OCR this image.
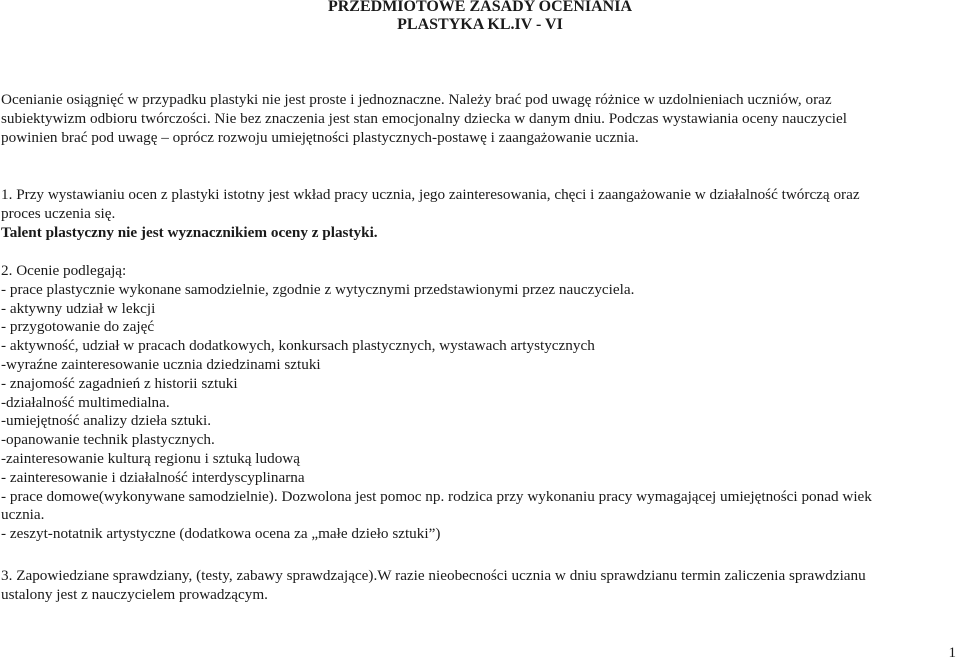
PRZEDMIOTOWE ZASADY OCENIANIA
PLASTYKA KL.IV - VI

Ocenianie osiągnięć w przypadku plastyki nie jest proste i jednoznaczne. Należy brać pod uwagę różnice w uzdolnieniach uczniów, oraz
subiektywizm odbioru twórczości. Nie bez znaczenia jest stan emocjonalny dziecka w danym dniu. Podczas wystawiania oceny nauczyciel
powinien brać pod uwagę – oprócz rozwoju umiejętności plastycznych-postawę i zaangażowanie ucznia.

1. Przy wystawianiu ocen z plastyki istotny jest wkład pracy ucznia, jego zainteresowania, chęci i zaangażowanie w działalność twórczą oraz
proces uczenia się.
Talent plastyczny nie jest wyznacznikiem oceny z plastyki.

2. Ocenie podlegają:
- prace plastycznie wykonane samodzielnie, zgodnie z wytycznymi przedstawionymi przez nauczyciela.
- aktywny udział w lekcji
- przygotowanie do zajęć
- aktywność, udział w pracach dodatkowych, konkursach plastycznych, wystawach artystycznych
-wyraźne zainteresowanie ucznia dziedzinami sztuki
- znajomość zagadnień z historii sztuki
-działalność multimedialna.
-umiejętność analizy dzieła sztuki.
-opanowanie technik plastycznych.
-zainteresowanie kulturą regionu i sztuką ludową
- zainteresowanie i działalność interdyscyplinarna
- prace domowe(wykonywane samodzielnie). Dozwolona jest pomoc np. rodzica przy wykonaniu pracy wymagającej umiejętności ponad wiek
ucznia.
- zeszyt-notatnik artystyczne (dodatkowa ocena za „małe dzieło sztuki”)

3. Zapowiedziane sprawdziany, (testy, zabawy sprawdzające).W razie nieobecności ucznia w dniu sprawdzianu termin zaliczenia sprawdzianu
ustalony jest z nauczycielem prowadzącym.

1
